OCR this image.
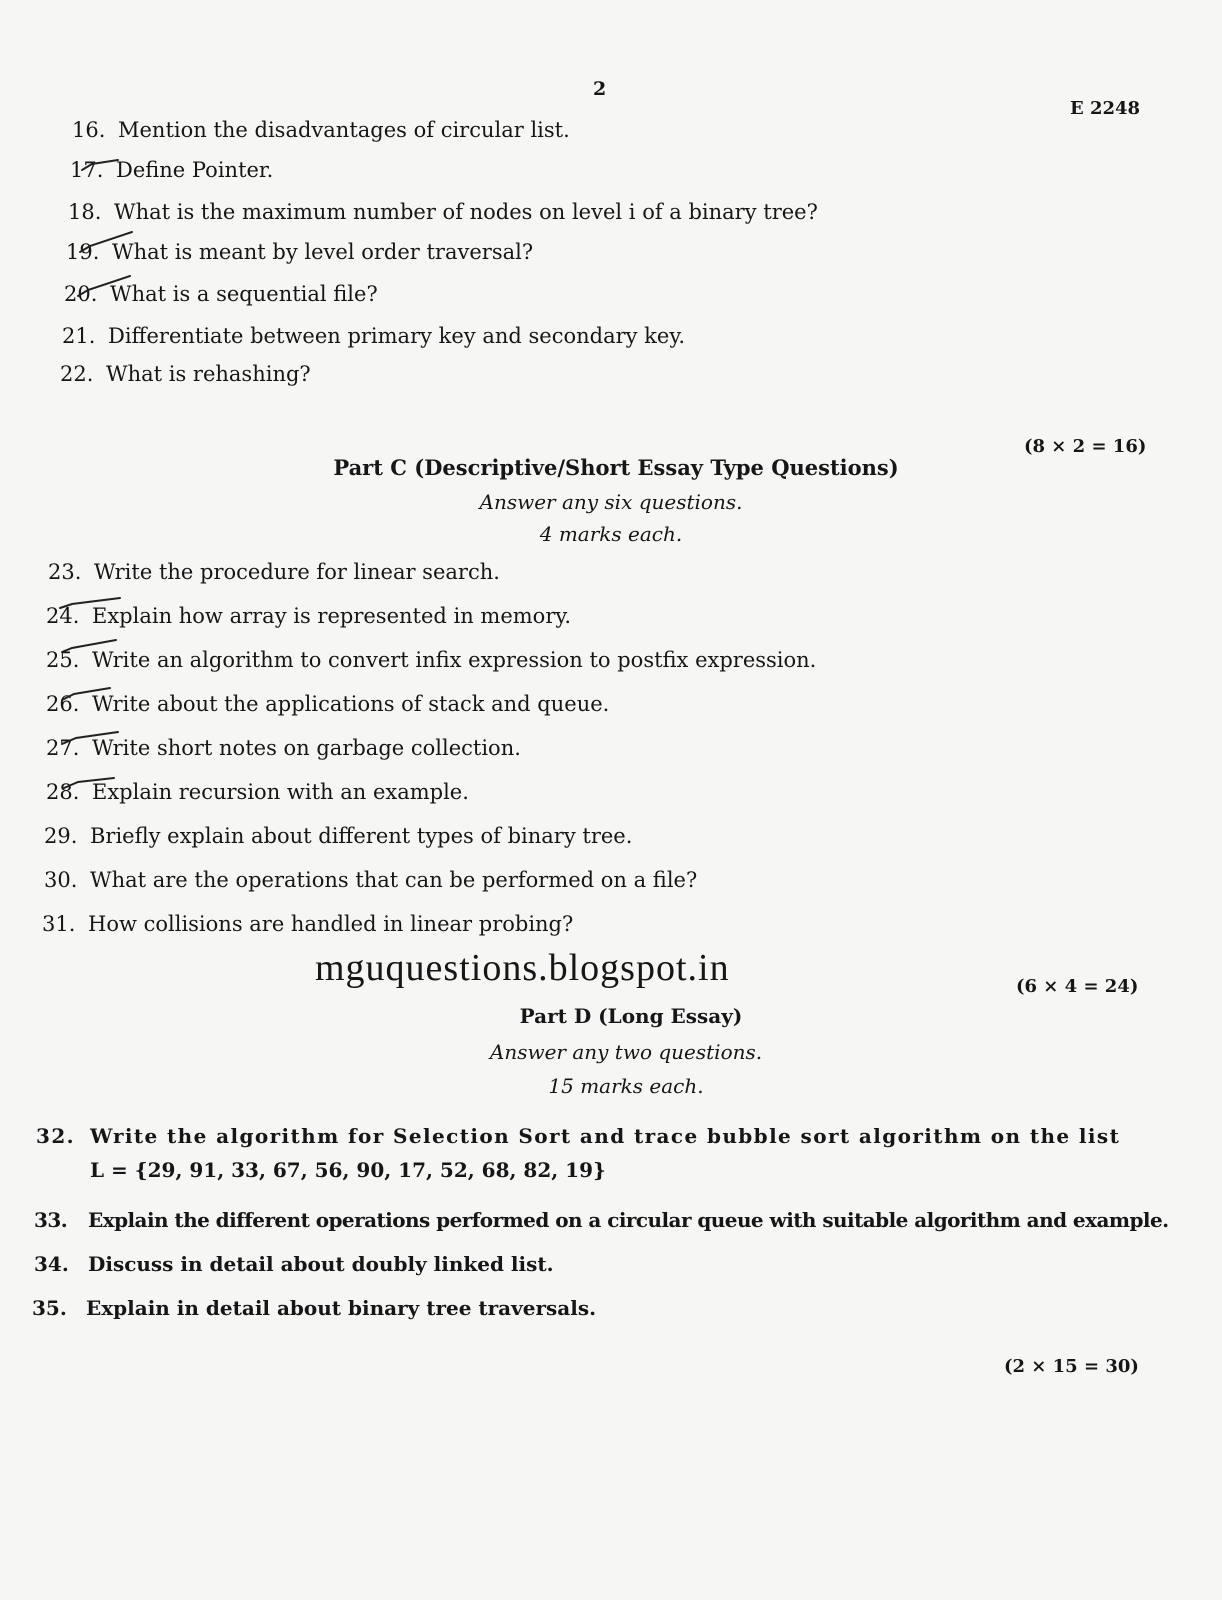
2
E 2248
16. Mention the disadvantages of circular list.
17. Define Pointer.
18. What is the maximum number of nodes on level i of a binary tree?
19. What is meant by level order traversal?
20. What is a sequential file?
21. Differentiate between primary key and secondary key.
22. What is rehashing?
(8 × 2 = 16)
Part C (Descriptive/Short Essay Type Questions)
Answer any six questions.
4 marks each.
23. Write the procedure for linear search.
24. Explain how array is represented in memory.
25. Write an algorithm to convert infix expression to postfix expression.
26. Write about the applications of stack and queue.
27. Write short notes on garbage collection.
28. Explain recursion with an example.
29. Briefly explain about different types of binary tree.
30. What are the operations that can be performed on a file?
31. How collisions are handled in linear probing?
mguquestions.blogspot.in	(6 × 4 = 24)
Part D (Long Essay)
Answer any two questions.
15 marks each.
32. Write the algorithm for Selection Sort and trace bubble sort algorithm on the list
L = {29, 91, 33, 67, 56, 90, 17, 52, 68, 82, 19}
33. Explain the different operations performed on a circular queue with suitable algorithm and example.
34. Discuss in detail about doubly linked list.
35. Explain in detail about binary tree traversals.
(2 × 15 = 30)
